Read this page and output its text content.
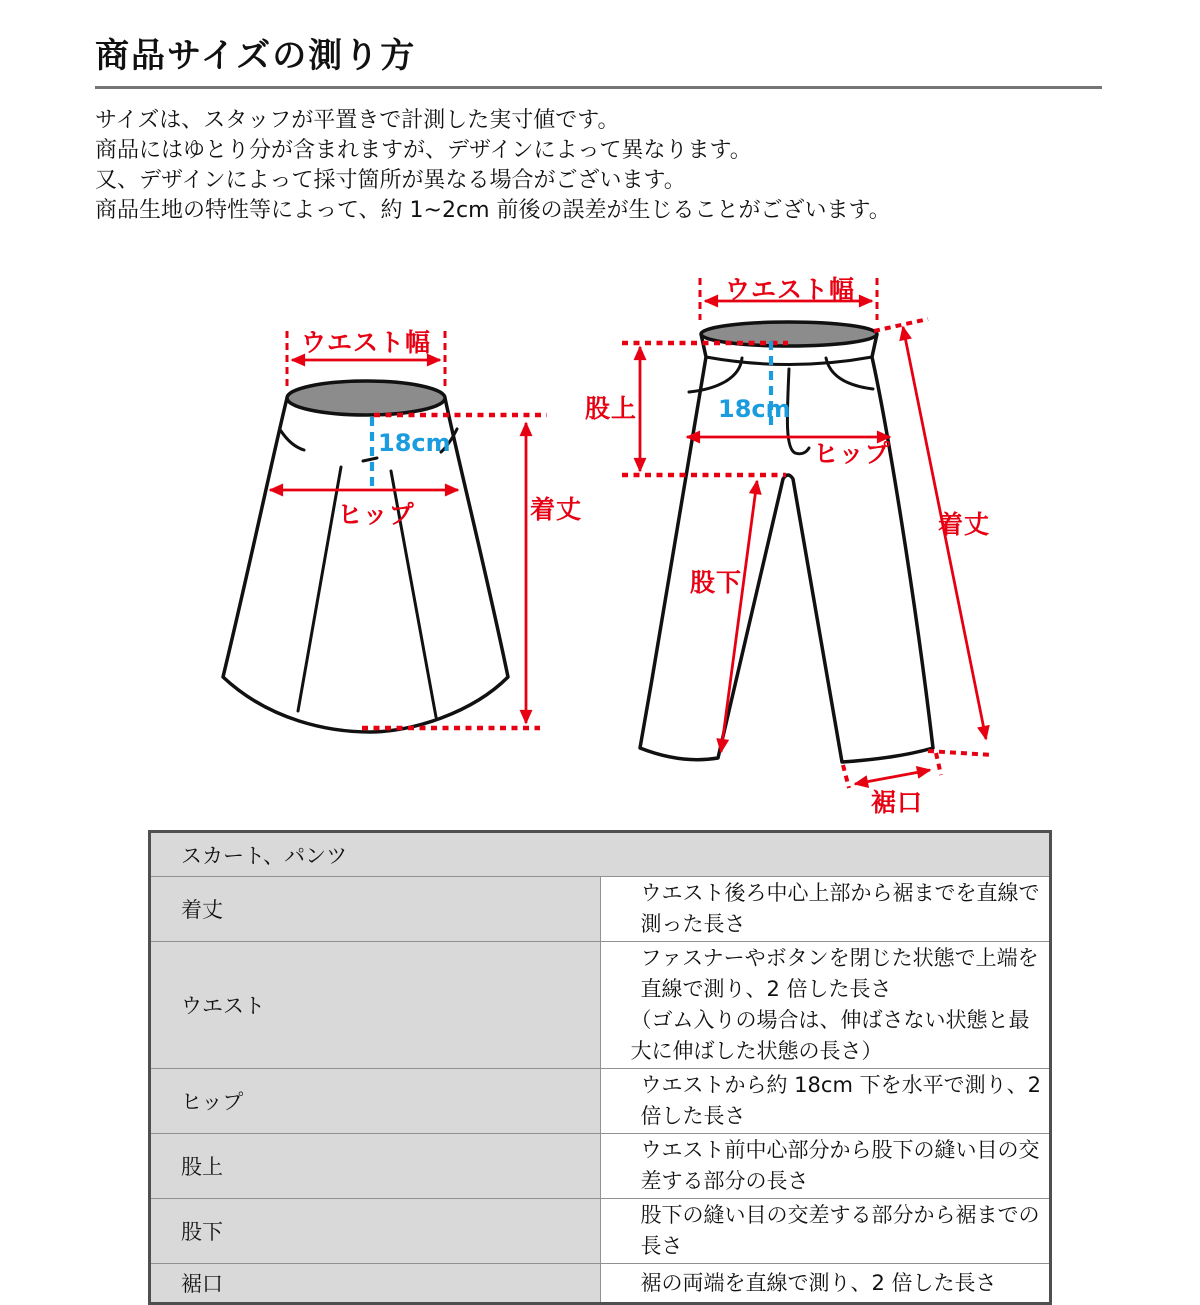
商品サイズの測り方
サイズは、スタッフが平置きで計測した実寸値です。
商品にはゆとり分が含まれますが、デザインによって異なります。
又、デザインによって採寸箇所が異なる場合がございます。
商品生地の特性等によって、約 1~2cm 前後の誤差が生じることがございます。
ウエスト幅
18cm
ヒップ	着丈
ウエスト幅
股上	18cm
ヒップ
着丈
股下
裾口
スカート、パンツ	
着丈	ウエスト後ろ中心上部から裾までを直線で測った長さ

ウエスト	ファスナーやボタンを閉じた状態で上端を直線で測り、2 倍した長さ
（ゴム入りの場合は、伸ばさない状態と最大に伸ばした状態の長さ）

ヒップ	ウエストから約 18cm 下を水平で測り、2 倍した長さ

股上	ウエスト前中心部分から股下の縫い目の交差する部分の長さ

股下	股下の縫い目の交差する部分から裾までの長さ

裾口	裾の両端を直線で測り、2 倍した長さ
